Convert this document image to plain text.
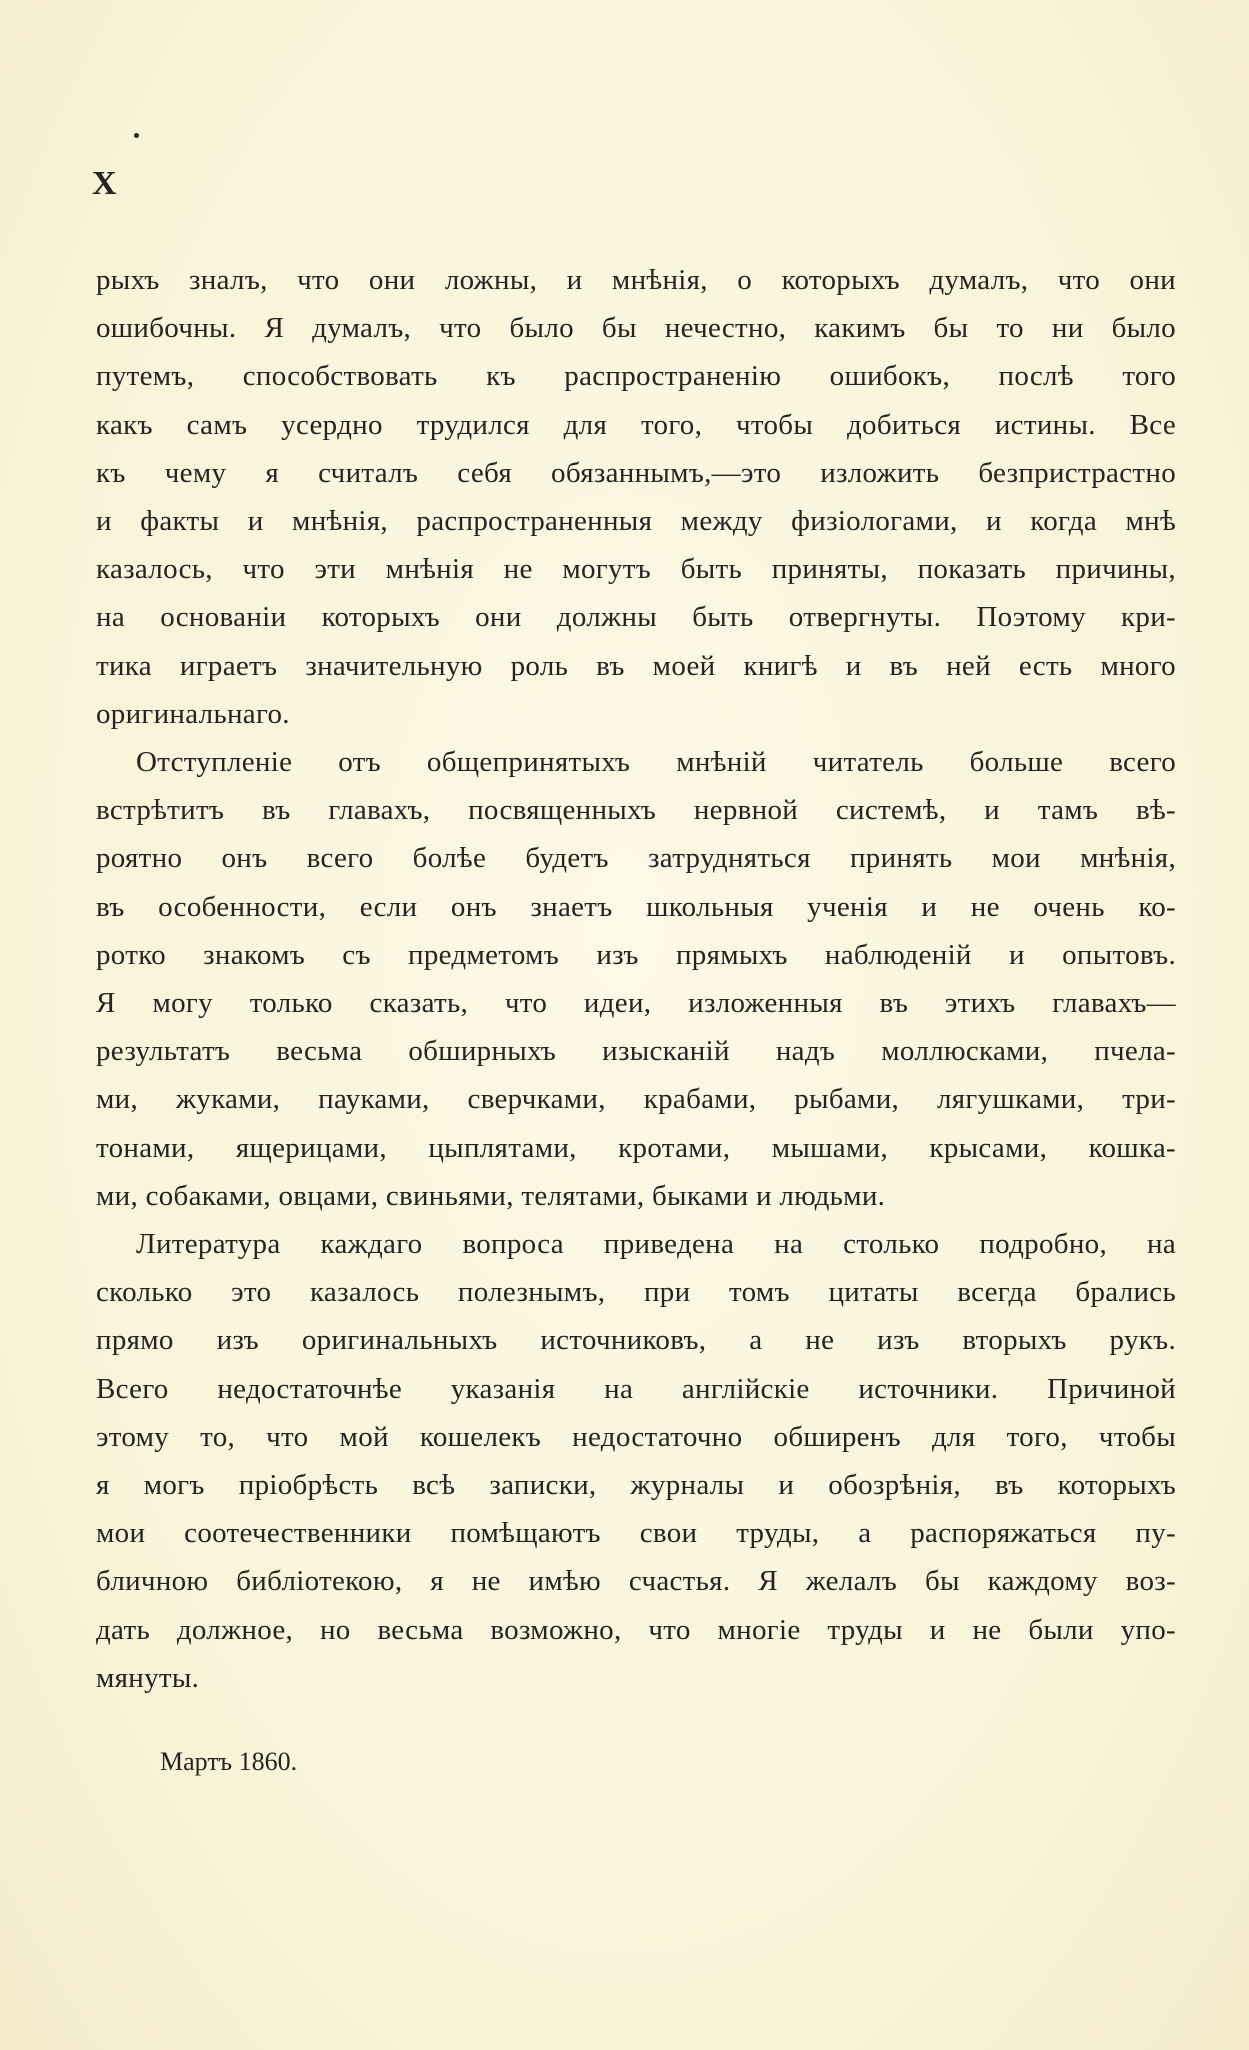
X

рыхъ зналъ, что они ложны, и мнѣнія, о которыхъ думалъ, что они
ошибочны. Я думалъ, что было бы нечестно, какимъ бы то ни было
путемъ, способствовать къ распространенію ошибокъ, послѣ того
какъ самъ усердно трудился для того, чтобы добиться истины. Все
къ чему я считалъ себя обязаннымъ,—это изложить безпристрастно
и факты и мнѣнія, распространенныя между физіологами, и когда мнѣ
казалось, что эти мнѣнія не могутъ быть приняты, показать причины,
на основаніи которыхъ они должны быть отвергнуты. Поэтому кри-
тика играетъ значительную роль въ моей книгѣ и въ ней есть много
оригинальнаго.

Отступленіе отъ общепринятыхъ мнѣній читатель больше всего
встрѣтитъ въ главахъ, посвященныхъ нервной системѣ, и тамъ вѣ-
роятно онъ всего болѣе будетъ затрудняться принять мои мнѣнія,
въ особенности, если онъ знаетъ школьныя ученія и не очень ко-
ротко знакомъ съ предметомъ изъ прямыхъ наблюденій и опытовъ.
Я могу только сказать, что идеи, изложенныя въ этихъ главахъ—
результатъ весьма обширныхъ изысканій надъ моллюсками, пчела-
ми, жуками, пауками, сверчками, крабами, рыбами, лягушками, три-
тонами, ящерицами, цыплятами, кротами, мышами, крысами, кошка-
ми, собаками, овцами, свиньями, телятами, быками и людьми.

Литература каждаго вопроса приведена на столько подробно, на
сколько это казалось полезнымъ, при томъ цитаты всегда брались
прямо изъ оригинальныхъ источниковъ, а не изъ вторыхъ рукъ.
Всего недостаточнѣе указанія на англійскіе источники. Причиной
этому то, что мой кошелекъ недостаточно обширенъ для того, чтобы
я могъ пріобрѣсть всѣ записки, журналы и обозрѣнія, въ которыхъ
мои соотечественники помѣщаютъ свои труды, а распоряжаться пу-
бличною библіотекою, я не имѣю счастья. Я желалъ бы каждому воз-
дать должное, но весьма возможно, что многіе труды и не были упо-
мянуты.

Мартъ 1860.
